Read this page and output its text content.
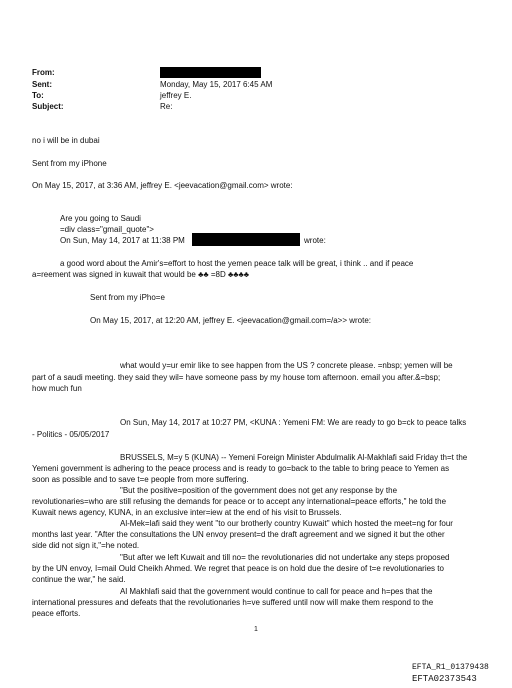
From:
Sent:	Monday, May 15, 2017 6:45 AM
To:	jeffrey E.
Subject:	Re:
no i will be in dubai
Sent from my iPhone
On May 15, 2017, at 3:36 AM, jeffrey E. <jeevacation@gmail.com> wrote:
Are you going to Saudi
=div class="gmail_quote">
On Sun, May 14, 2017 at 11:38 PM	wrote:
a good word about the Amir's=effort to host the yemen peace talk will be great, i think .. and if peace
a=reement was signed in kuwait that would be ♣♣ =8D ♣♣♣♣
Sent from my iPho=e
On May 15, 2017, at 12:20 AM, jeffrey E. <jeevacation@gmail.com=/a>> wrote:
what would y=ur emir like to see happen from the US ? concrete please. =nbsp; yemen will be
part of a saudi meeting. they said they wil= have someone pass by my house tom afternoon. email you after.&=bsp;
how much fun
On Sun, May 14, 2017 at 10:27 PM, <KUNA : Yemeni FM: We are ready to go b=ck to peace talks
- Politics - 05/05/2017
BRUSSELS, M=y 5 (KUNA) -- Yemeni Foreign Minister Abdulmalik Al-Makhlafi said Friday th=t the
Yemeni government is adhering to the peace process and is ready to go=back to the table to bring peace to Yemen as
soon as possible and to save t=e people from more suffering.
"But the positive=position of the government does not get any response by the
revolutionaries=who are still refusing the demands for peace or to accept any international=peace efforts," he told the
Kuwait news agency, KUNA, in an exclusive inter=iew at the end of his visit to Brussels.
Al-Mek=lafi said they went "to our brotherly country Kuwait" which hosted the meet=ng for four
months last year. "After the consultations the UN envoy present=d the draft agreement and we signed it but the other
side did not sign it,"=he noted.
"But after we left Kuwait and till no= the revolutionaries did not undertake any steps proposed
by the UN envoy, I=mail Ould Cheikh Ahmed. We regret that peace is on hold due the desire of t=e revolutionaries to
continue the war," he said.
Al Makhlafi said that the government would continue to call for peace and h=pes that the
international pressures and defeats that the revolutionaries h=ve suffered until now will make them respond to the
peace efforts.
1
EFTA_R1_01379438
EFTA02373543
